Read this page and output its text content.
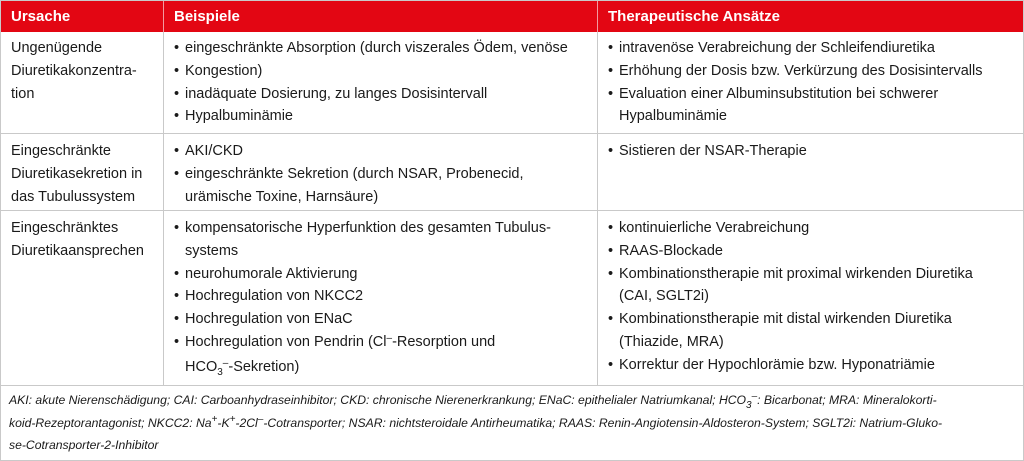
Ursache	Beispiele	Therapeutische Ansätze
Ungenügende
Diuretikakonzentra-
tion
• eingeschränkte Absorption (durch viszerales Ödem, venöse
• Kongestion)
• inadäquate Dosierung, zu langes Dosisintervall
• Hypalbuminämie
• intravenöse Verabreichung der Schleifendiuretika
• Erhöhung der Dosis bzw. Verkürzung des Dosisintervalls
• Evaluation einer Albuminsubstitution bei schwerer
Hypalbuminämie
Eingeschränkte
Diuretikasekretion in
das Tubulussystem
• AKI/CKD
• eingeschränkte Sekretion (durch NSAR, Probenecid,
urämische Toxine, Harnsäure)
• Sistieren der NSAR-Therapie
Eingeschränktes
Diuretikaansprechen
• kompensatorische Hyperfunktion des gesamten Tubulus-
systems
• neurohumorale Aktivierung
• Hochregulation von NKCC2
• Hochregulation von ENaC
• Hochregulation von Pendrin (Cl–-Resorption und
$HCO_3^--Sekretion$)
• kontinuierliche Verabreichung
• RAAS-Blockade
• Kombinationstherapie mit proximal wirkenden Diuretika
(CAI, SGLT2i)
• Kombinationstherapie mit distal wirkenden Diuretika
(Thiazide, MRA)
• Korrektur der Hypochlorämie bzw. Hyponatriämie
AKI: akute Nierenschädigung; CAI: Carboanhydraseinhibitor; CKD: chronische Nierenerkrankung; ENaC: epithelialer Natriumkanal; $HCO_3^-$: Bicarbonat; MRA: Mineralokorti-
koid-Rezeptorantagonist; NKCC2: Na+-K+-2Cl–-Cotransporter; NSAR: nichtsteroidale Antirheumatika; RAAS: Renin-Angiotensin-Aldosteron-System; SGLT2i: Natrium-Gluko-
se-Cotransporter-2-Inhibitor
